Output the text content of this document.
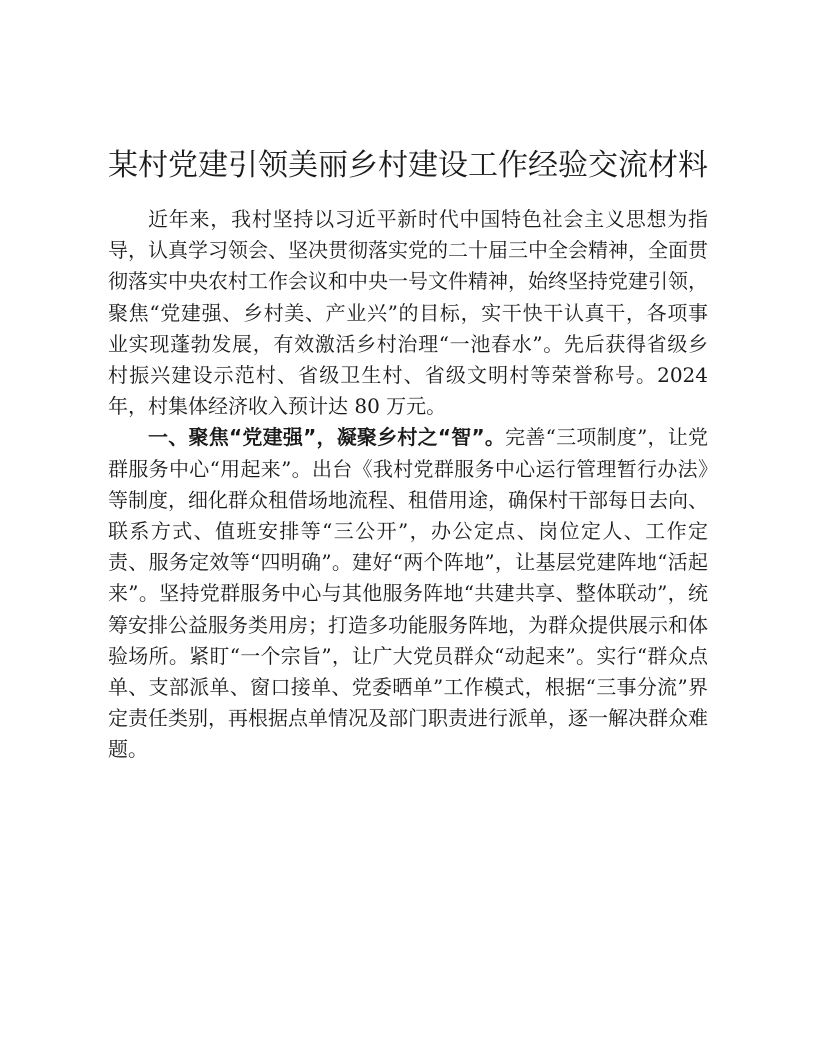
某村党建引领美丽乡村建设工作经验交流材料

近年来，我村坚持以习近平新时代中国特色社会主义思想为指导，认真学习领会、坚决贯彻落实党的二十届三中全会精神，全面贯彻落实中央农村工作会议和中央一号文件精神，始终坚持党建引领，聚焦“党建强、乡村美、产业兴”的目标，实干快干认真干，各项事业实现蓬勃发展，有效激活乡村治理“一池春水”。先后获得省级乡村振兴建设示范村、省级卫生村、省级文明村等荣誉称号。2024 年，村集体经济收入预计达 80 万元。

一、聚焦“党建强”，凝聚乡村之“智”。完善“三项制度”，让党群服务中心“用起来”。出台《我村党群服务中心运行管理暂行办法》等制度，细化群众租借场地流程、租借用途，确保村干部每日去向、联系方式、值班安排等“三公开”，办公定点、岗位定人、工作定责、服务定效等“四明确”。建好“两个阵地”，让基层党建阵地“活起来”。坚持党群服务中心与其他服务阵地“共建共享、整体联动”，统筹安排公益服务类用房；打造多功能服务阵地，为群众提供展示和体验场所。紧盯“一个宗旨”，让广大党员群众“动起来”。实行“群众点单、支部派单、窗口接单、党委晒单”工作模式，根据“三事分流”界定责任类别，再根据点单情况及部门职责进行派单，逐一解决群众难题。
